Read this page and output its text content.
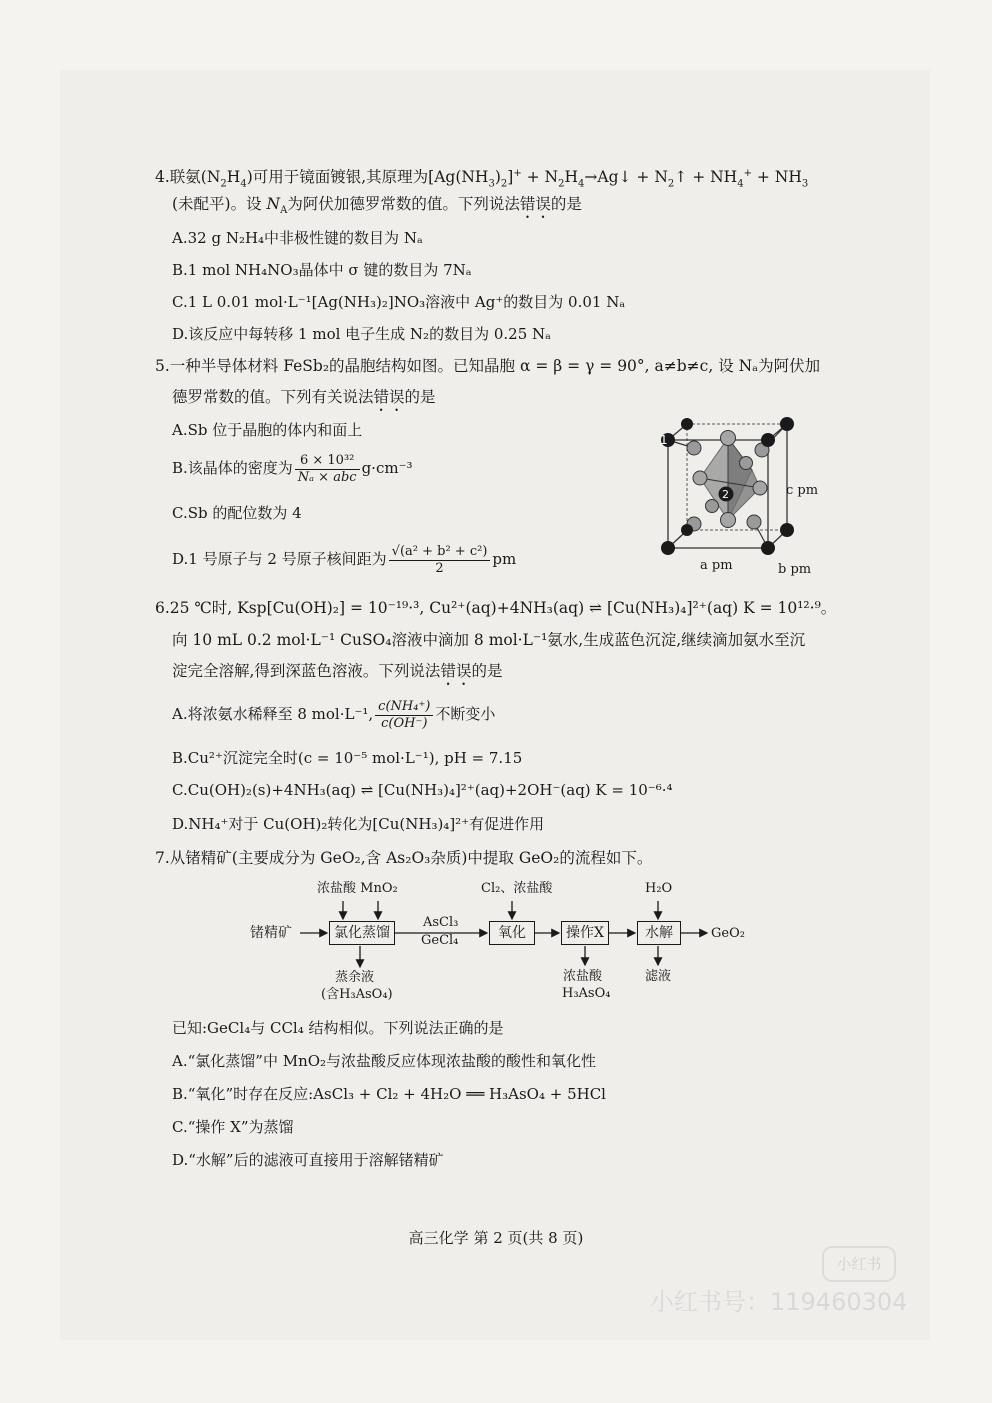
4.联氨$(N_2H_4)$可用于镜面镀银,其原理为$[Ag(NH_3)_2]^+$ + $N_2H_4\to Ag↓$ + $N_2↑ + NH_4^+ + NH_3$
(未配平)。设 $N_A$为阿伏加德罗常数的值。下列说法错误的是
A.32 g N₂H₄中非极性键的数目为 Nₐ
B.1 mol NH₄NO₃晶体中 σ 键的数目为 7Nₐ
C.1 L 0.01 mol·L⁻¹[Ag(NH₃)₂]NO₃溶液中 Ag⁺的数目为 0.01 Nₐ
D.该反应中每转移 1 mol 电子生成 N₂的数目为 0.25 Nₐ
5.一种半导体材料 FeSb₂的晶胞结构如图。已知晶胞 α = β = γ = 90°, a≠b≠c, 设 Nₐ为阿伏加
德罗常数的值。下列有关说法错误的是
A.Sb 位于晶胞的体内和面上
B.该晶体的密度为 $\frac{\text{6 × 10³²}}{\text{Nₐ × abc}} g\cdot cm^{-3}$
C.Sb 的配位数为 4
D.1 号原子与 2 号原子核间距为 $\frac{\text{√(a² + b² + c²)}}{2}$ pm
1
2	c pm
a pm	b pm
6.25 ℃时, Ksp[Cu(OH)₂] = 10⁻¹⁹·³, Cu²⁺(aq)+4NH₃(aq) ⇌ [Cu(NH₃)₄]²⁺(aq) K = 10¹²·⁹。
向 10 mL 0.2 mol·L⁻¹ CuSO₄溶液中滴加 8 mol·L⁻¹氨水,生成蓝色沉淀,继续滴加氨水至沉
淀完全溶解,得到深蓝色溶液。下列说法错误的是
A.将浓氨水稀释至 8 mol·L⁻¹, $\frac{\text{c(NH₄⁺)}}{c(OH^-)}$ 不断变小
B.Cu²⁺沉淀完全时(c = 10⁻⁵ mol·L⁻¹), pH = 7.15
C.Cu(OH)₂(s)+4NH₃(aq) ⇌ [Cu(NH₃)₄]²⁺(aq)+2OH⁻(aq) K = 10⁻⁶·⁴
D.NH₄⁺对于 Cu(OH)₂转化为[Cu(NH₃)₄]²⁺有促进作用
7.从锗精矿(主要成分为 GeO₂,含 As₂O₃杂质)中提取 GeO₂的流程如下。
锗精矿	氯化蒸馏
浓盐酸 MnO₂
蒸余液
(含H₃AsO₄)
AsCl₃
GeCl₄	氧化
Cl₂、浓盐酸
操作X
浓盐酸
H₃AsO₄
水解
H₂O
滤液
GeO₂
已知:GeCl₄与 CCl₄ 结构相似。下列说法正确的是
A.“氯化蒸馏”中 MnO₂与浓盐酸反应体现浓盐酸的酸性和氧化性
B.“氧化”时存在反应:AsCl₃ + Cl₂ + 4H₂O ══ H₃AsO₄ + 5HCl
C.“操作 X”为蒸馏
D.“水解”后的滤液可直接用于溶解锗精矿
高三化学 第 2 页(共 8 页)
小红书
小红书号：119460304
